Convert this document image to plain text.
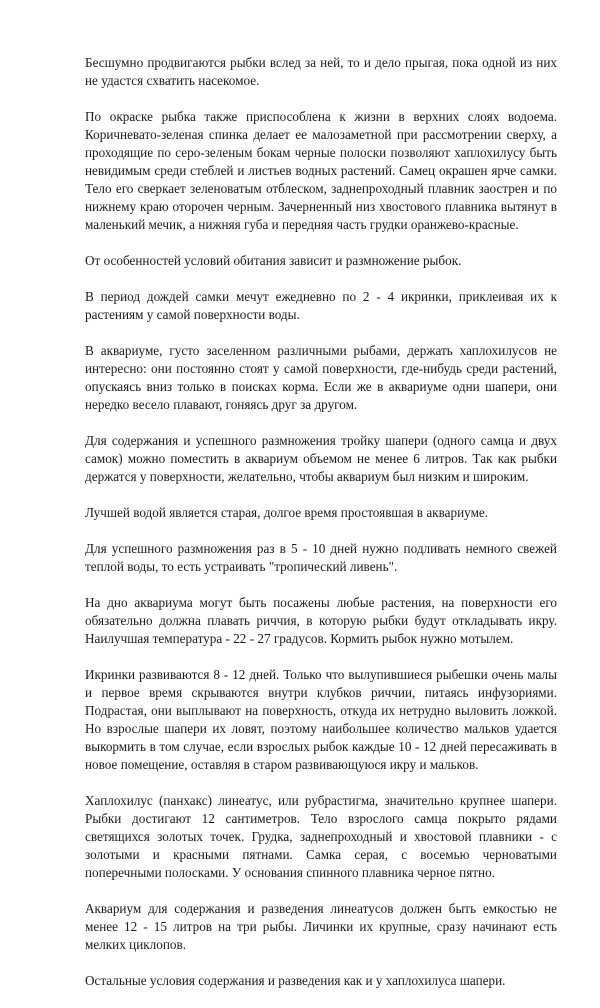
Бесшумно продвигаются рыбки вслед за ней, то и дело прыгая, пока одной из них не удастся схватить насекомое.

По окраске рыбка также приспособлена к жизни в верхних слоях водоема. Коричневато-зеленая спинка делает ее малозаметной при рассмотрении сверху, а проходящие по серо-зеленым бокам черные полоски позволяют хаплохилусу быть невидимым среди стеблей и листьев водных растений. Самец окрашен ярче самки. Тело его сверкает зеленоватым отблеском, заднепроходный плавник заострен и по нижнему краю оторочен черным. Зачерненный низ хвостового плавника вытянут в маленький мечик, а нижняя губа и передняя часть грудки оранжево-красные.

От особенностей условий обитания зависит и размножение рыбок.

В период дождей самки мечут ежедневно по 2 - 4 икринки, приклеивая их к растениям у самой поверхности воды.

В аквариуме, густо заселенном различными рыбами, держать хаплохилусов не интересно: они постоянно стоят у самой поверхности, где-нибудь среди растений, опускаясь вниз только в поисках корма. Если же в аквариуме одни шапери, они нередко весело плавают, гоняясь друг за другом.

Для содержания и успешного размножения тройку шапери (одного самца и двух самок) можно поместить в аквариум объемом не менее 6 литров. Так как рыбки держатся у поверхности, желательно, чтобы аквариум был низким и широким.

Лучшей водой является старая, долгое время простоявшая в аквариуме.

Для успешного размножения раз в 5 - 10 дней нужно подливать немного свежей теплой воды, то есть устраивать "тропический ливень".

На дно аквариума могут быть посажены любые растения, на поверхности его обязательно должна плавать риччия, в которую рыбки будут откладывать икру. Наилучшая температура - 22 - 27 градусов. Кормить рыбок нужно мотылем.

Икринки развиваются 8 - 12 дней. Только что вылупившиеся рыбешки очень малы и первое время скрываются внутри клубков риччии, питаясь инфузориями. Подрастая, они выплывают на поверхность, откуда их нетрудно выловить ложкой. Но взрослые шапери их ловят, поэтому наибольшее количество мальков удается выкормить в том случае, если взрослых рыбок каждые 10 - 12 дней пересаживать в новое помещение, оставляя в старом развивающуюся икру и мальков.

Хаплохилус (панхакс) линеатус, или рубрастигма, значительно крупнее шапери. Рыбки достигают 12 сантиметров. Тело взрослого самца покрыто рядами светящихся золотых точек. Грудка, заднепроходный и хвостовой плавники - с золотыми и красными пятнами. Самка серая, с восемью черноватыми поперечными полосками. У основания спинного плавника черное пятно.

Аквариум для содержания и разведения линеатусов должен быть емкостью не менее 12 - 15 литров на три рыбы. Личинки их крупные, сразу начинают есть мелких циклопов.

Остальные условия содержания и разведения как и у хаплохилуса шапери.
